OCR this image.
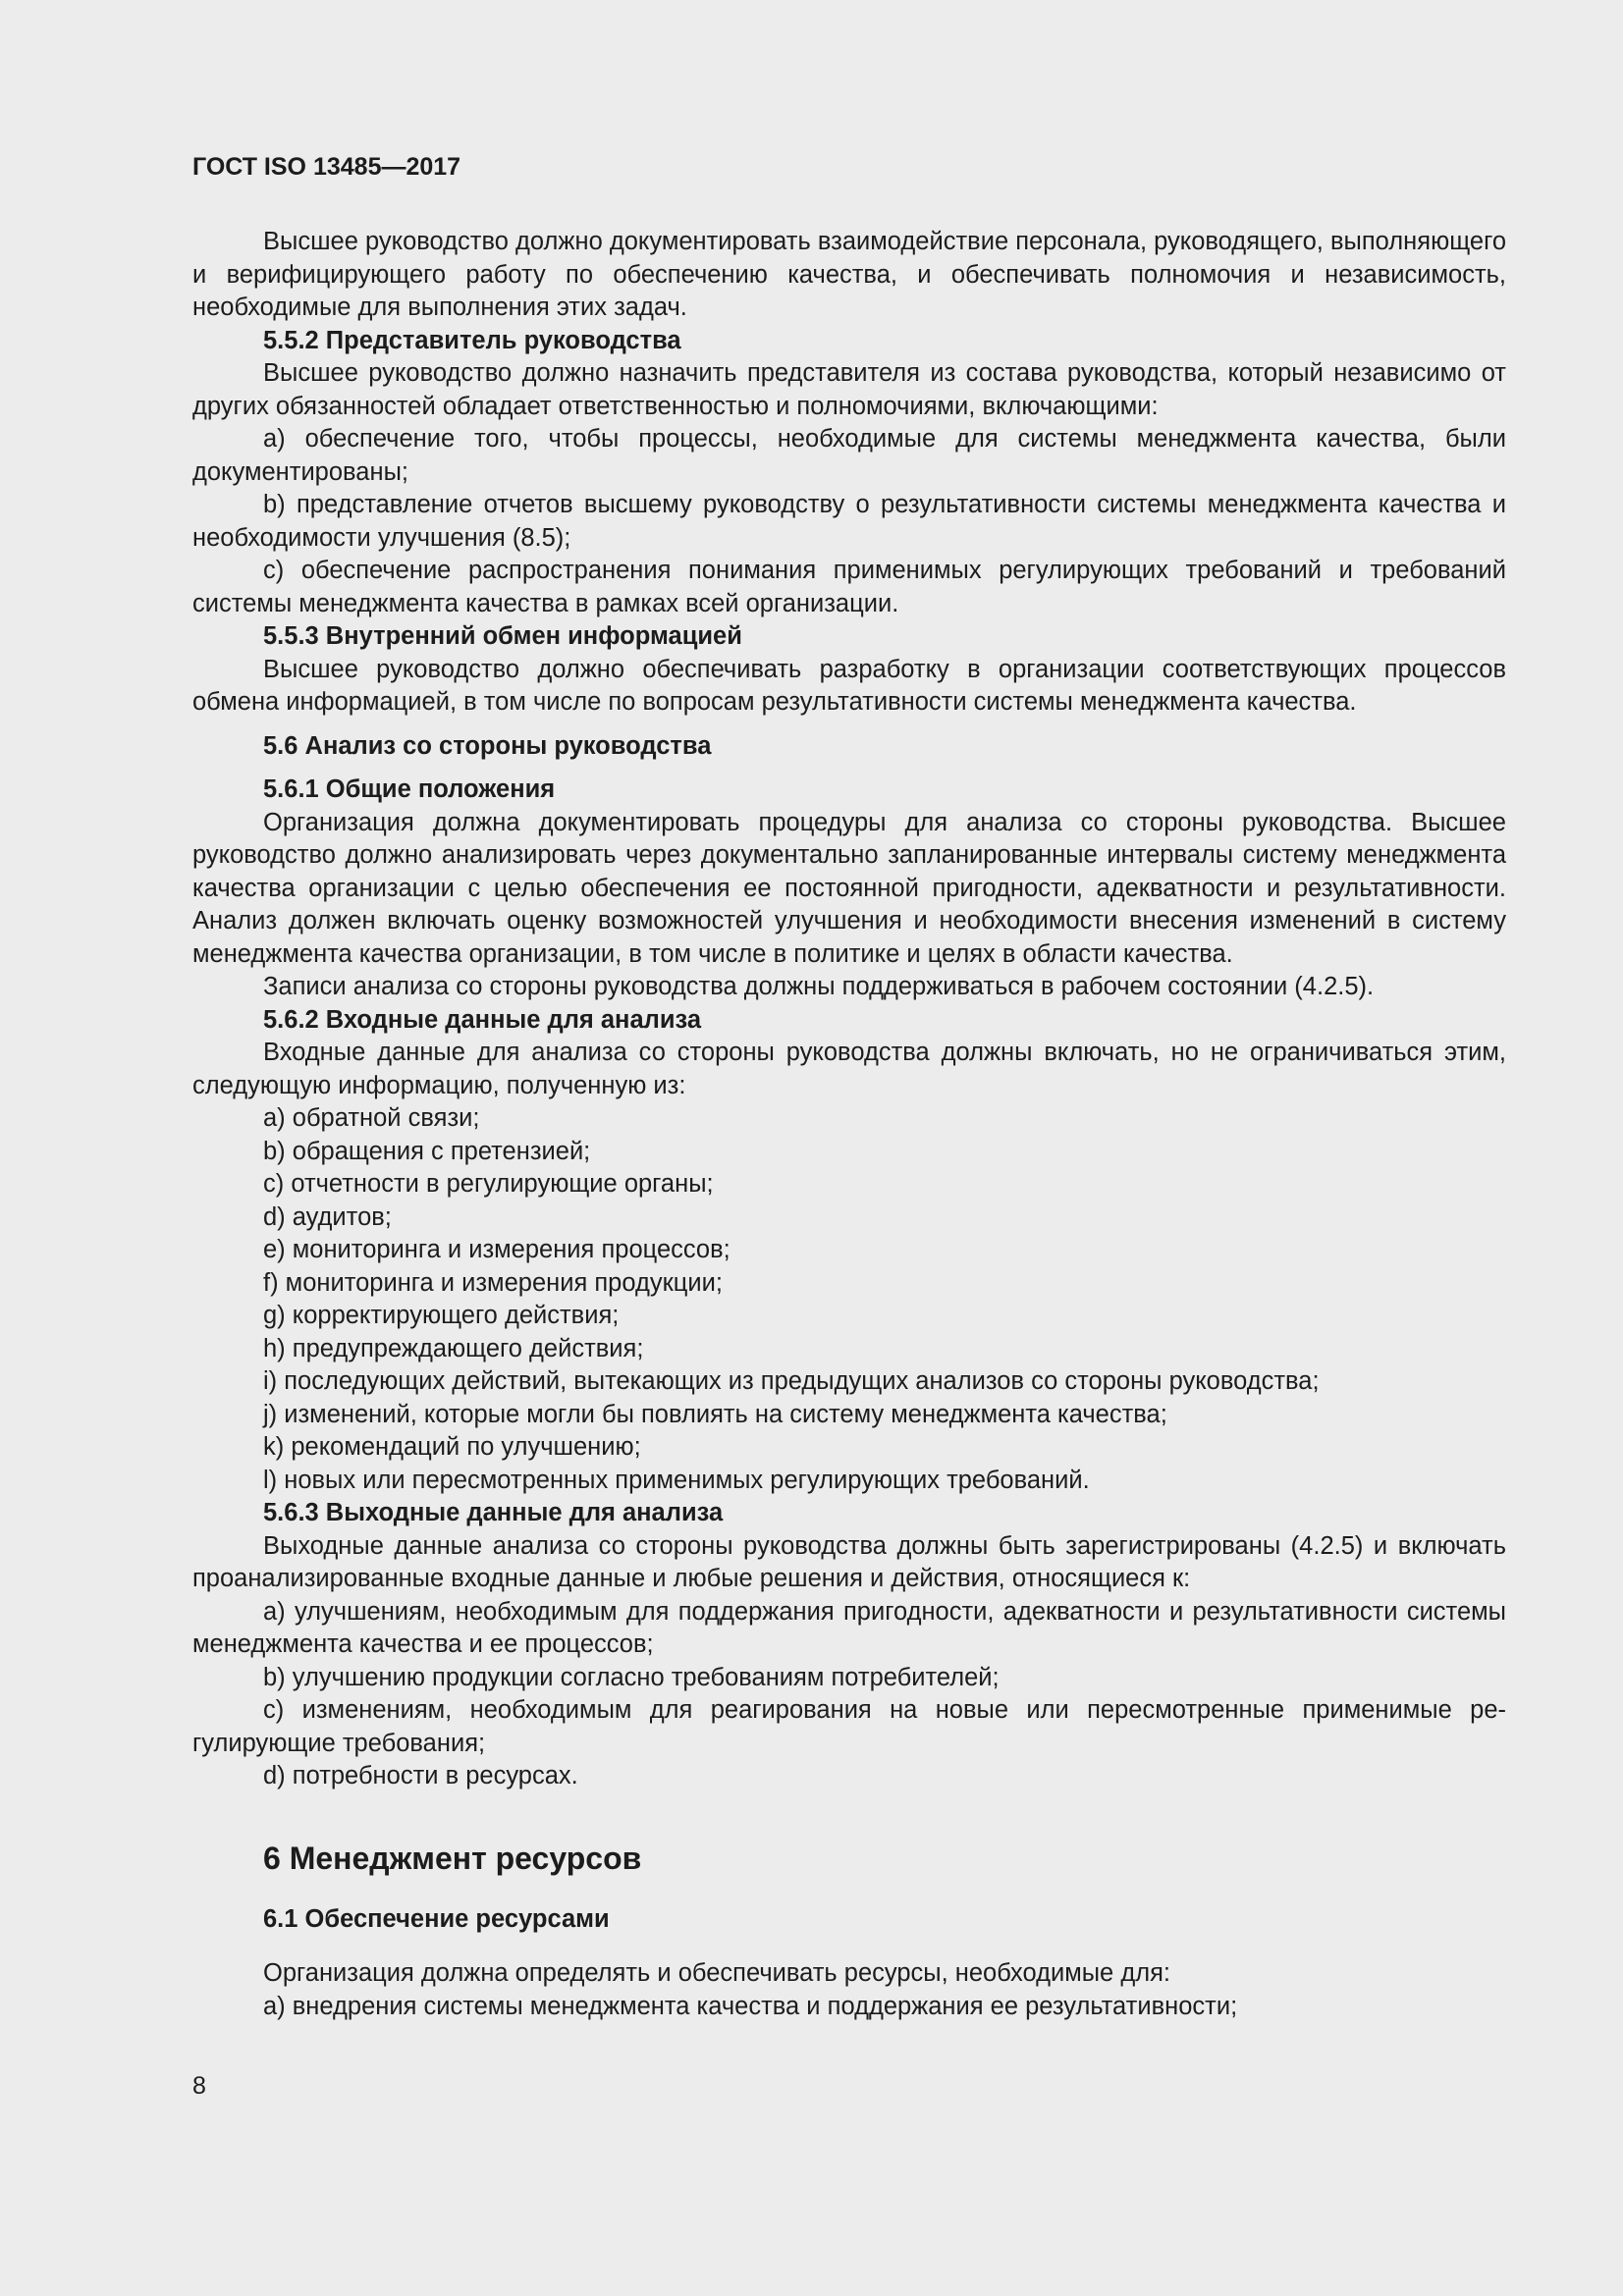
ГОСТ ISO 13485—2017
Высшее руководство должно документировать взаимодействие персонала, руководящего, выполняющего и верифицирующего работу по обеспечению качества, и обеспечивать полномочия и независимость, необходимые для выполнения этих задач.
5.5.2 Представитель руководства
Высшее руководство должно назначить представителя из состава руководства, который независимо от других обязанностей обладает ответственностью и полномочиями, включающими:
a) обеспечение того, чтобы процессы, необходимые для системы менеджмента качества, были документированы;
b) представление отчетов высшему руководству о результативности системы менеджмента качества и необходимости улучшения (8.5);
c) обеспечение распространения понимания применимых регулирующих требований и требований системы менеджмента качества в рамках всей организации.
5.5.3 Внутренний обмен информацией
Высшее руководство должно обеспечивать разработку в организации соответствующих процессов обмена информацией, в том числе по вопросам результативности системы менеджмента качества.
5.6 Анализ со стороны руководства
5.6.1 Общие положения
Организация должна документировать процедуры для анализа со стороны руководства. Высшее руководство должно анализировать через документально запланированные интервалы систему менеджмента качества организации с целью обеспечения ее постоянной пригодности, адекватности и результативности. Анализ должен включать оценку возможностей улучшения и необходимости внесения изменений в систему менеджмента качества организации, в том числе в политике и целях в области качества.
Записи анализа со стороны руководства должны поддерживаться в рабочем состоянии (4.2.5).
5.6.2 Входные данные для анализа
Входные данные для анализа со стороны руководства должны включать, но не ограничиваться этим, следующую информацию, полученную из:
a) обратной связи;
b) обращения с претензией;
c) отчетности в регулирующие органы;
d) аудитов;
e) мониторинга и измерения процессов;
f) мониторинга и измерения продукции;
g) корректирующего действия;
h) предупреждающего действия;
i) последующих действий, вытекающих из предыдущих анализов со стороны руководства;
j) изменений, которые могли бы повлиять на систему менеджмента качества;
k) рекомендаций по улучшению;
l) новых или пересмотренных применимых регулирующих требований.
5.6.3 Выходные данные для анализа
Выходные данные анализа со стороны руководства должны быть зарегистрированы (4.2.5) и включать проанализированные входные данные и любые решения и действия, относящиеся к:
a) улучшениям, необходимым для поддержания пригодности, адекватности и результативности системы менеджмента качества и ее процессов;
b) улучшению продукции согласно требованиям потребителей;
c) изменениям, необходимым для реагирования на новые или пересмотренные применимые регулирующие требования;
d) потребности в ресурсах.
6 Менеджмент ресурсов
6.1 Обеспечение ресурсами
Организация должна определять и обеспечивать ресурсы, необходимые для:
a) внедрения системы менеджмента качества и поддержания ее результативности;
8
